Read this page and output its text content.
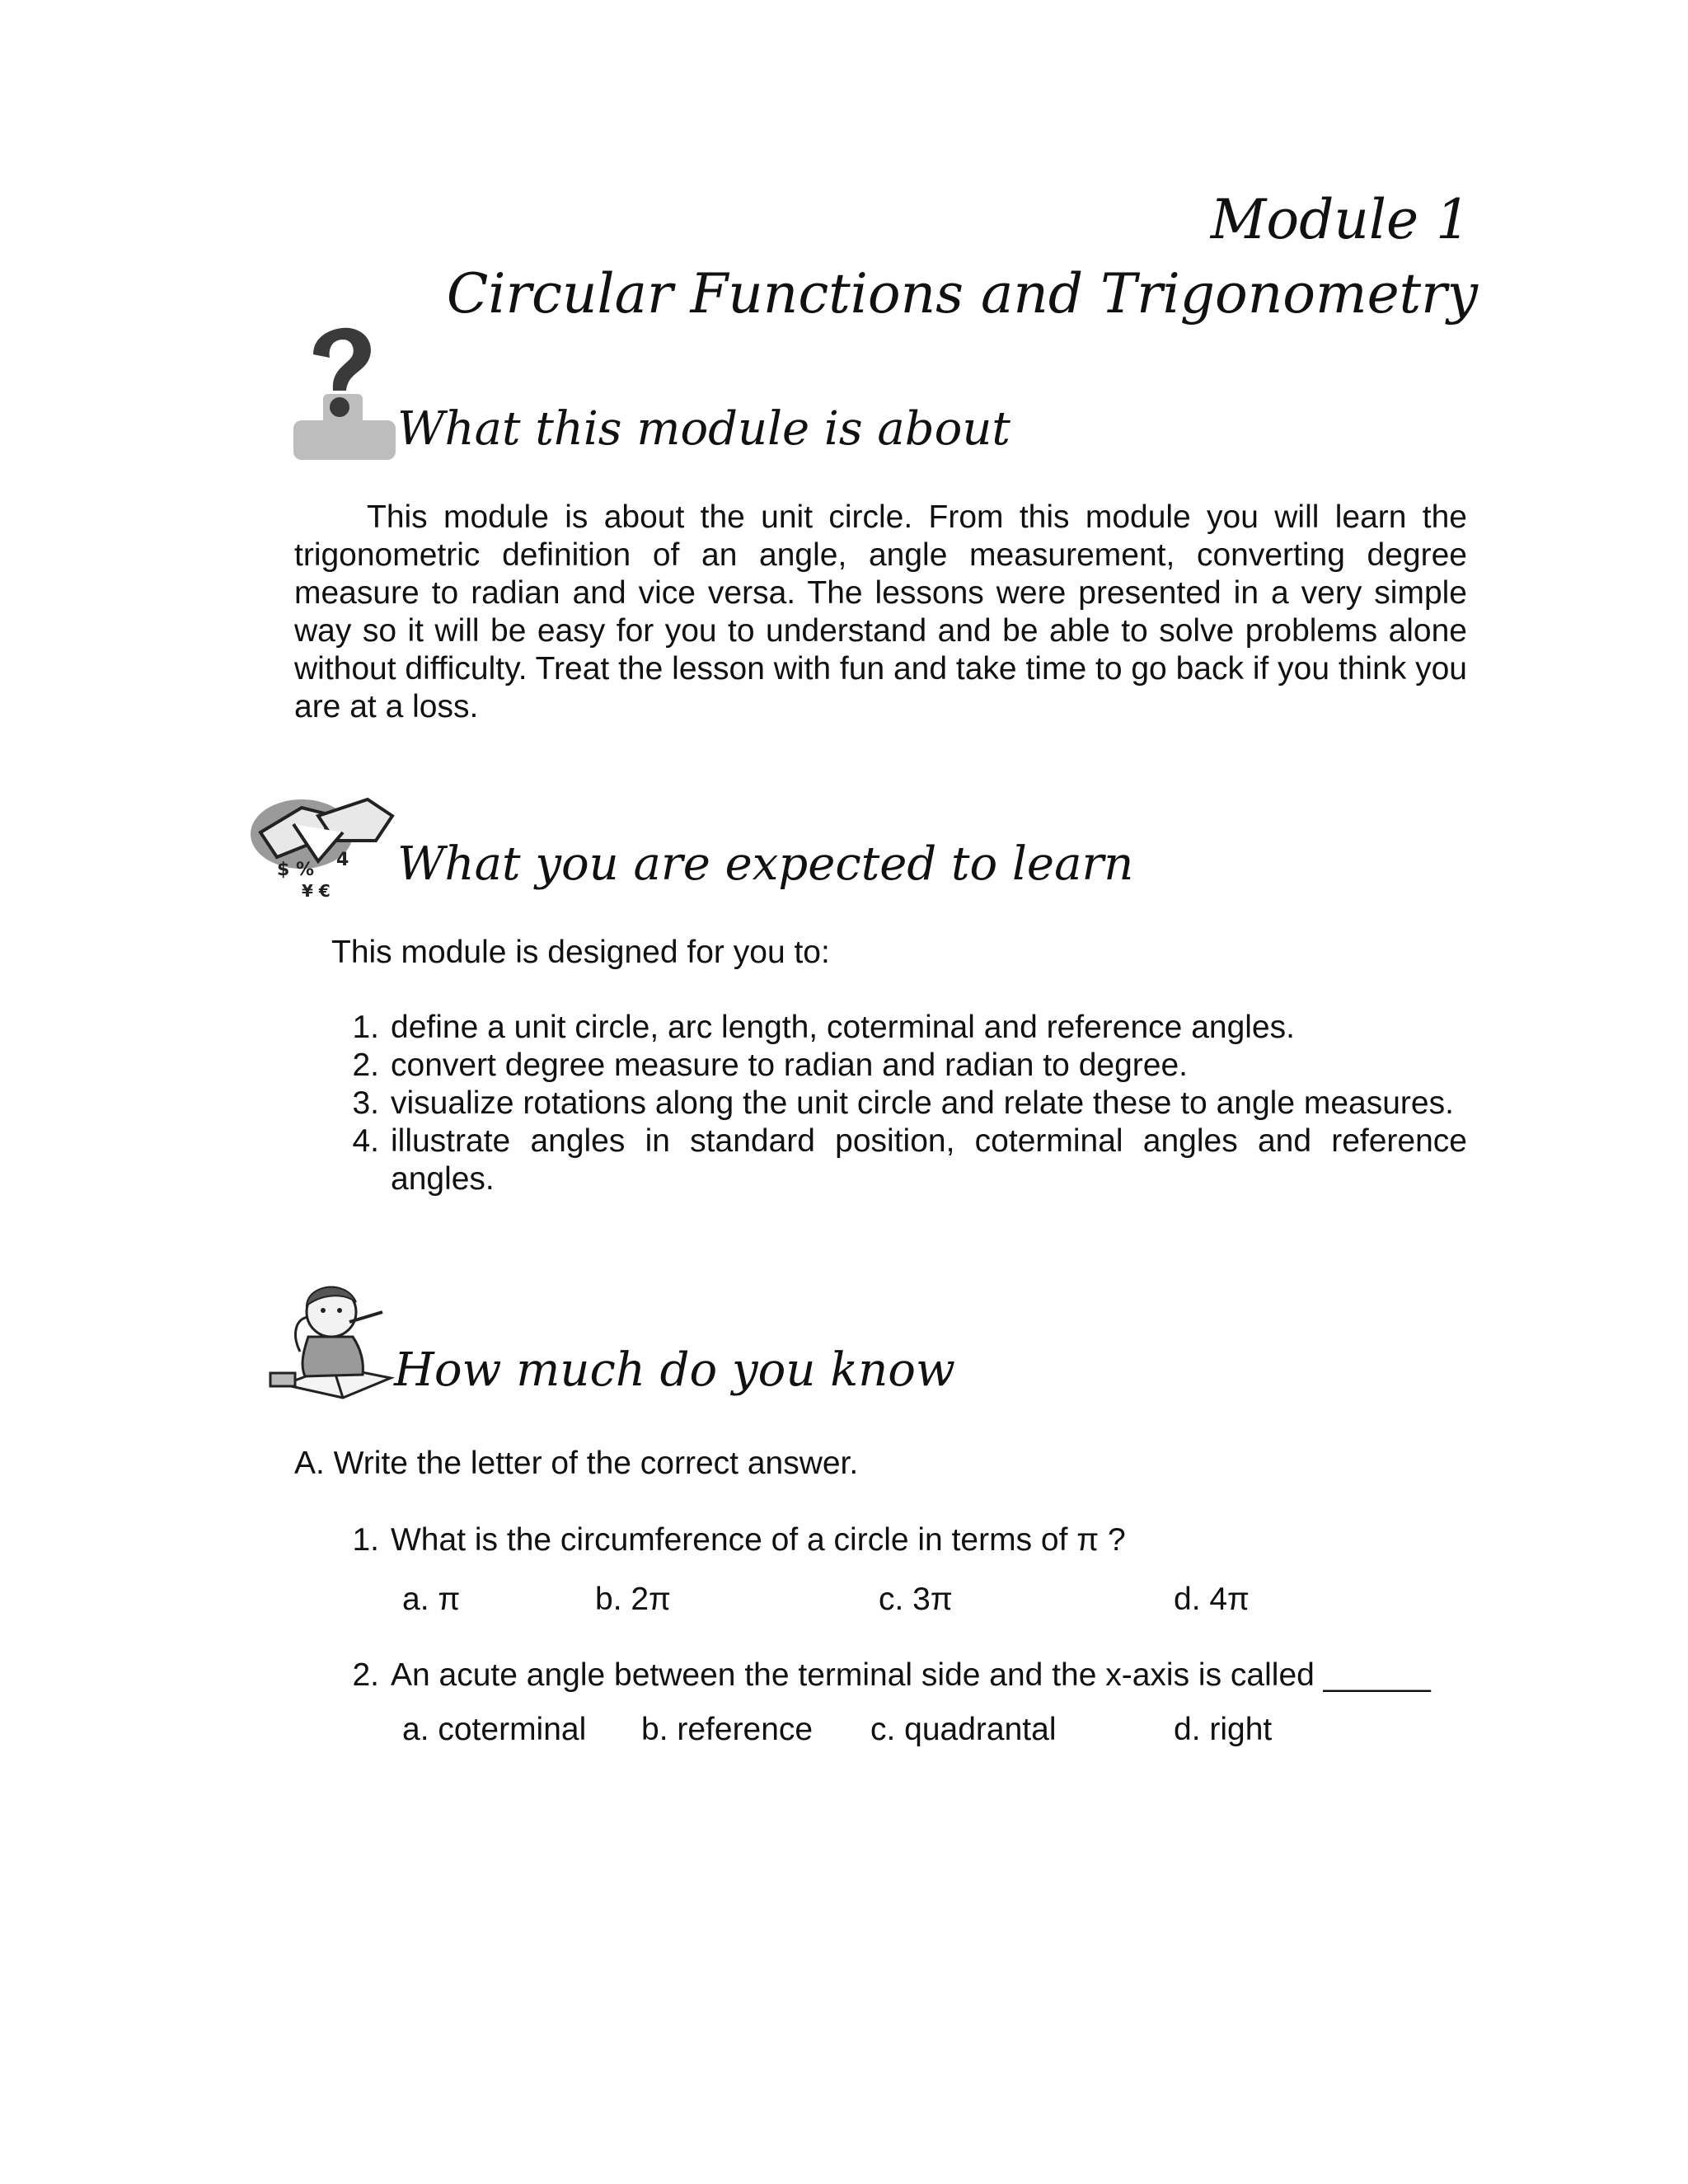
Module 1
Circular Functions and Trigonometry
What this module is about

This module is about the unit circle. From this module you will learn the trigonometric definition of an angle, angle measurement, converting degree measure to radian and vice versa. The lessons were presented in a very simple way so it will be easy for you to understand and be able to solve problems alone without difficulty. Treat the lesson with fun and take time to go back if you think you are at a loss.

$ %
¥ €
4 What you are expected to learn
This module is designed for you to:
1. define a unit circle, arc length, coterminal and reference angles.
2. convert degree measure to radian and radian to degree.
3. visualize rotations along the unit circle and relate these to angle measures.
4. illustrate angles in standard position, coterminal angles and reference angles.
How much do you know
A. Write the letter of the correct answer.
1. What is the circumference of a circle in terms of π ?
a. π	b. 2π	c. 3π	d. 4π
2. An acute angle between the terminal side and the x-axis is called ______
a. coterminal b. reference c. quadrantal	d. right
